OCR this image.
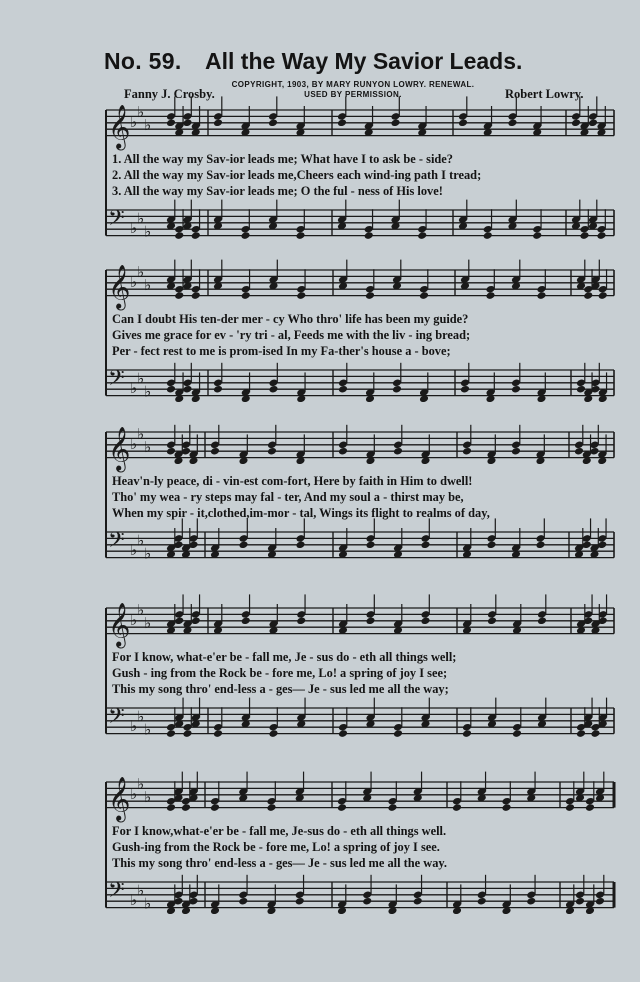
No. 59. All the Way My Savior Leads.
COPYRIGHT, 1903, BY MARY RUNYON LOWRY. RENEWAL.
USED BY PERMISSION.
Fanny J. Crosby.	Robert Lowry.
𝄞 ♭
♭
♭
𝄢 ♭
♭
♭
𝄞 ♭
♭
♭
𝄢 ♭
♭
♭
𝄞 ♭
♭
♭
𝄢 ♭
♭
♭
𝄞 ♭
♭
♭
𝄢 ♭
♭
♭
𝄞 ♭
♭
♭
𝄢 ♭
♭
♭
1. All the way my Sav-ior leads me; What have I to ask be - side?
2. All the way my Sav-ior leads me,Cheers each wind-ing path I tread;
3. All the way my Sav-ior leads me; O the ful - ness of His love!
Can I doubt His ten-der mer - cy Who thro' life has been my guide?
Gives me grace for ev - 'ry tri - al, Feeds me with the liv - ing bread;
Per - fect rest to me is prom-ised In my Fa-ther's house a - bove;
Heav'n-ly peace, di - vin-est com-fort, Here by faith in Him to dwell!
Tho' my wea - ry steps may fal - ter, And my soul a - thirst may be,
When my spir - it,clothed,im-mor - tal, Wings its flight to realms of day,
For I know, what-e'er be - fall me, Je - sus do - eth all things well;
Gush - ing from the Rock be - fore me, Lo! a spring of joy I see;
This my song thro' end-less a - ges— Je - sus led me all the way;
For I know,what-e'er be - fall me, Je-sus do - eth all things well.
Gush-ing from the Rock be - fore me, Lo! a spring of joy I see.
This my song thro' end-less a - ges— Je - sus led me all the way.
